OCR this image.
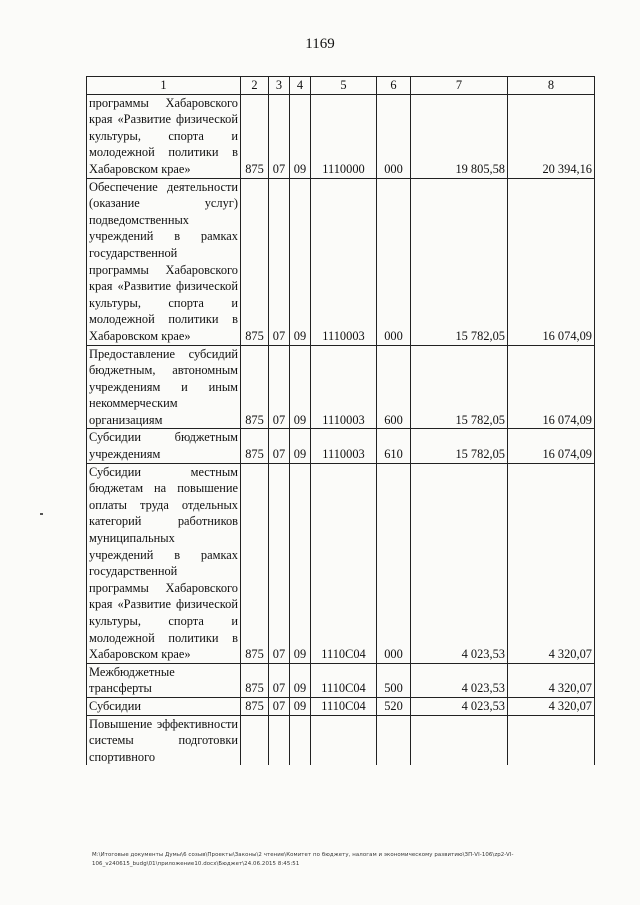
1169
1	2	3	4	5	6	7	8
программы Хабаровского края «Развитие физической культуры, спорта и молодежной политики в Хабаровском крае»	875	07	09	1110000	000	19 805,58	20 394,16
Обеспечение деятельности (оказание услуг) подведомственных учреждений в рамках государственной программы Хабаровского края «Развитие физической культуры, спорта и молодежной политики в Хабаровском крае»	875	07	09	1110003	000	15 782,05	16 074,09
Предоставление субсидий бюджетным, автономным учреждениям и иным некоммерческим организациям	875	07	09	1110003	600	15 782,05	16 074,09
Субсидии бюджетным учреждениям	875	07	09	1110003	610	15 782,05	16 074,09
Субсидии местным бюджетам на повышение оплаты труда отдельных категорий работников муниципальных учреждений в рамках государственной программы Хабаровского края «Развитие физической культуры, спорта и молодежной политики в Хабаровском крае»	875	07	09	1110С04	000	4 023,53	4 320,07
Межбюджетные трансферты	875	07	09	1110С04	500	4 023,53	4 320,07
Субсидии	875	07	09	1110С04	520	4 023,53	4 320,07
Повышение эффективности системы подготовки спортивного							
M:\Итоговые документы Думы\6 созыв\Проекты\Законы\2 чтение\Комитет по бюджету, налогам и экономическому развитию\ЗП-VI-106\zp2-VI-106_v240615_budg\01\приложение10.docx\Бюджет\24.06.2015 8:45:51
